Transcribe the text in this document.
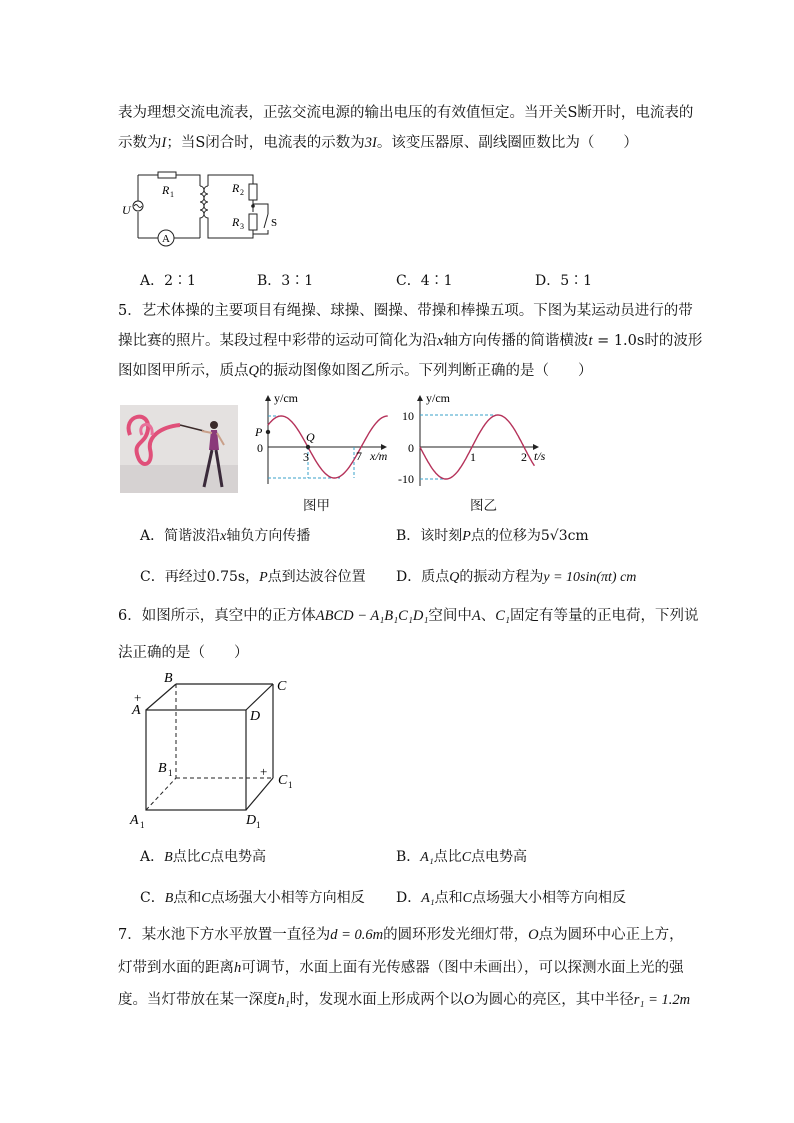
表为理想交流电流表，正弦交流电源的输出电压的有效值恒定。当开关S断开时，电流表的
示数为I；当S闭合时，电流表的示数为3I。该变压器原、副线圈匝数比为（　　）
A
R 1	R 2
R 3
U
S
A．2∶1	B．3∶1	C．4∶1	D．5∶1
5．艺术体操的主要项目有绳操、球操、圈操、带操和棒操五项。下图为某运动员进行的带
操比赛的照片。某段过程中彩带的运动可简化为沿x轴方向传播的简谐横波t = 1.0s时的波形
图如图甲所示，质点Q的振动图像如图乙所示。下列判断正确的是（　　）
y/cm
x/m
P	Q
0
3	7
图甲
y/cm
t/s
10
-10
0
1	2
图乙
A．简谐波沿x轴负方向传播	B．该时刻P点的位移为5√3cm
C．再经过0.75s，P点到达波谷位置 D．质点Q的振动方程为y = 10sin(πt) cm
6．如图所示，真空中的正方体ABCD − A₁B₁C₁D₁空间中A、C₁固定有等量的正电荷，下列说
法正确的是（　　）
A
+
B
C
D
B 1	C 1
+
A 1	D 1
A．B点比C点电势高	B．A₁点比C点电势高
C．B点和C点场强大小相等方向相反 D．A₁点和C点场强大小相等方向相反
7．某水池下方水平放置一直径为d = 0.6m的圆环形发光细灯带，O点为圆环中心正上方，
灯带到水面的距离h可调节，水面上面有光传感器（图中未画出），可以探测水面上光的强
度。当灯带放在某一深度h₁时，发现水面上形成两个以O为圆心的亮区，其中半径r₁ = 1.2m
